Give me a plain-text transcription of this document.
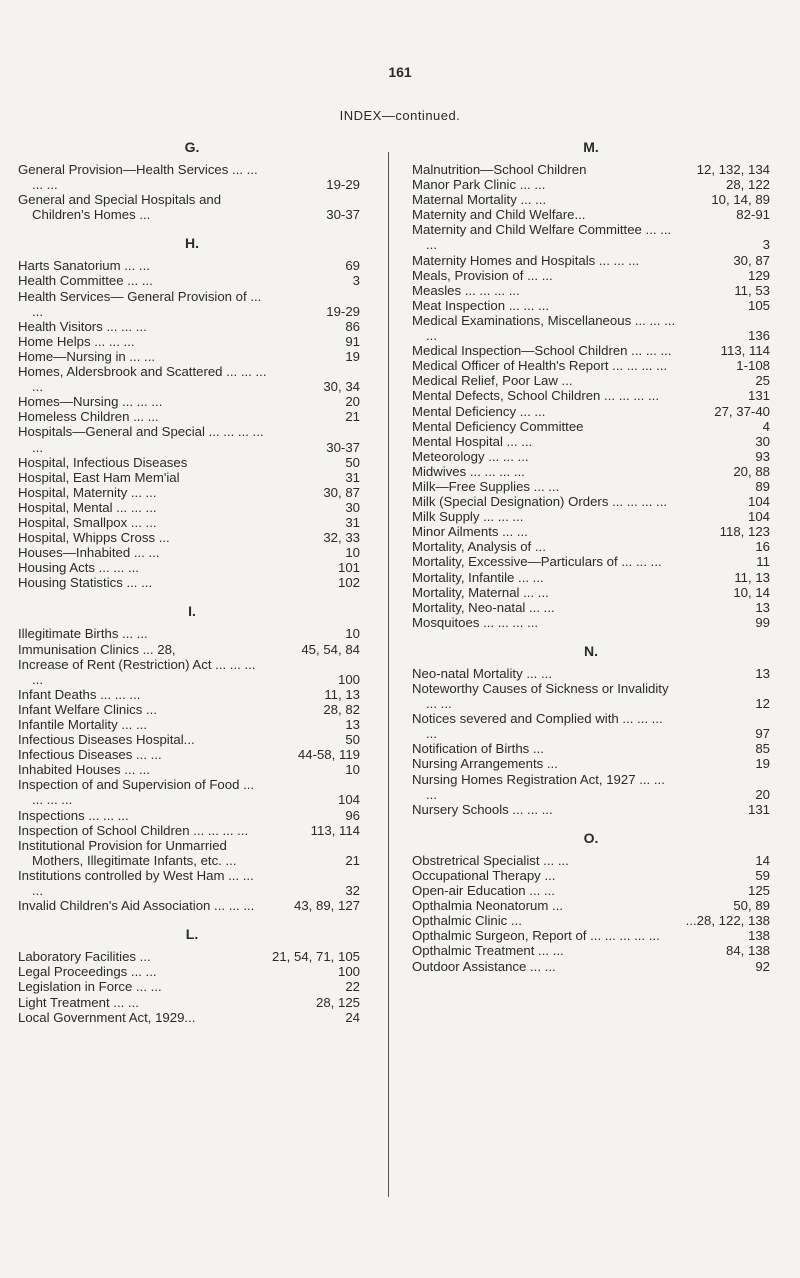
161
INDEX—continued.
G.
General Provision—Health Services ... ... ... ...	19-29
General and Special Hospitals and Children's Homes ...	30-37
H.
Harts Sanatorium ... ...	69
Health Committee ... ...	3
Health Services— General Provision of ... ...	19-29
Health Visitors ... ... ...	86
Home Helps ... ... ...	91
Home—Nursing in ... ...	19
Homes, Aldersbrook and Scattered ... ... ... ...	30, 34
Homes—Nursing ... ... ...	20
Homeless Children ... ...	21
Hospitals—General and Special ... ... ... ... ...	30-37
Hospital, Infectious Diseases	50
Hospital, East Ham Mem'ial	31
Hospital, Maternity ... ...	30, 87
Hospital, Mental ... ... ...	30
Hospital, Smallpox ... ...	31
Hospital, Whipps Cross ...	32, 33
Houses—Inhabited ... ...	10
Housing Acts ... ... ...	101
Housing Statistics ... ...	102
I.
Illegitimate Births ... ...	10
Immunisation Clinics ... 28,	45, 54, 84
Increase of Rent (Restriction) Act ... ... ... ...	100
Infant Deaths ... ... ...	11, 13
Infant Welfare Clinics ...	28, 82
Infantile Mortality ... ...	13
Infectious Diseases Hospital...	50
Infectious Diseases ... ...	44-58, 119
Inhabited Houses ... ...	10
Inspection of and Supervision of Food ... ... ... ...	104
Inspections ... ... ...	96
Inspection of School Children ... ... ... ...	113, 114
Institutional Provision for Unmarried Mothers, Illegitimate Infants, etc. ...	21
Institutions controlled by West Ham ... ... ...	32
Invalid Children's Aid Association ... ... ...	43, 89, 127
L.
Laboratory Facilities ...	21, 54, 71, 105
Legal Proceedings ... ...	100
Legislation in Force ... ...	22
Light Treatment ... ...	28, 125
Local Government Act, 1929...	24
M.
Malnutrition—School Children	12, 132, 134
Manor Park Clinic ... ...	28, 122
Maternal Mortality ... ...	10, 14, 89
Maternity and Child Welfare...	82-91
Maternity and Child Welfare Committee ... ... ...	3
Maternity Homes and Hospitals ... ... ...	30, 87
Meals, Provision of ... ...	129
Measles ... ... ... ...	11, 53
Meat Inspection ... ... ...	105
Medical Examinations, Miscellaneous ... ... ... ...	136
Medical Inspection—School Children ... ... ...	113, 114
Medical Officer of Health's Report ... ... ... ...	1-108
Medical Relief, Poor Law ...	25
Mental Defects, School Children ... ... ... ...	131
Mental Deficiency ... ...	27, 37-40
Mental Deficiency Committee	4
Mental Hospital ... ...	30
Meteorology ... ... ...	93
Midwives ... ... ... ...	20, 88
Milk—Free Supplies ... ...	89
Milk (Special Designation) Orders ... ... ... ...	104
Milk Supply ... ... ...	104
Minor Ailments ... ...	118, 123
Mortality, Analysis of ...	16
Mortality, Excessive—Particulars of ... ... ...	11
Mortality, Infantile ... ...	11, 13
Mortality, Maternal ... ...	10, 14
Mortality, Neo-natal ... ...	13
Mosquitoes ... ... ... ...	99
N.
Neo-natal Mortality ... ...	13
Noteworthy Causes of Sickness or Invalidity ... ...	12
Notices severed and Complied with ... ... ... ...	97
Notification of Births ...	85
Nursing Arrangements ...	19
Nursing Homes Registration Act, 1927 ... ... ...	20
Nursery Schools ... ... ...	131
O.
Obstretrical Specialist ... ...	14
Occupational Therapy ...	59
Open-air Education ... ...	125
Opthalmia Neonatorum ...	50, 89
Opthalmic Clinic ...	...28, 122, 138
Opthalmic Surgeon, Report of ... ... ... ... ...	138
Opthalmic Treatment ... ...	84, 138
Outdoor Assistance ... ...	92
